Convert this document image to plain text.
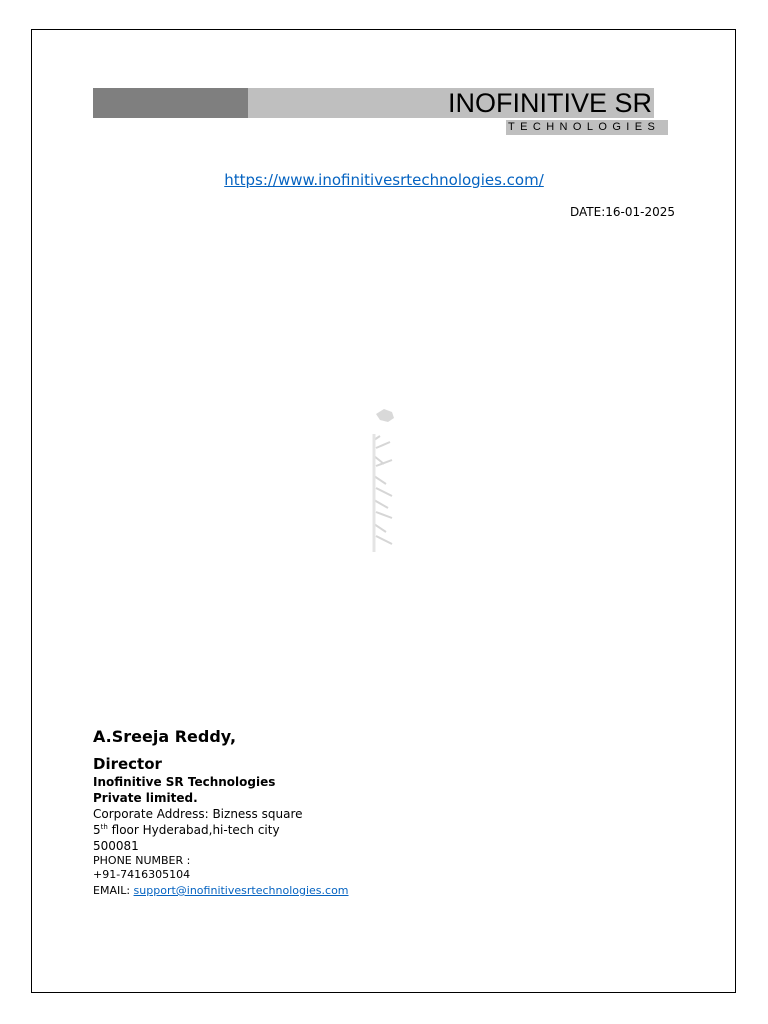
INOFINITIVE SR
TECHNOLOGIES
https://www.inofinitivesrtechnologies.com/
DATE:16-01-2025
A.Sreeja Reddy,
Director
Inofinitive SR Technologies
Private limited.
Corporate Address: Bizness square
5th floor Hyderabad,hi-tech city
500081
PHONE NUMBER :
+91-7416305104
EMAIL: support@inofinitivesrtechnologies.com
